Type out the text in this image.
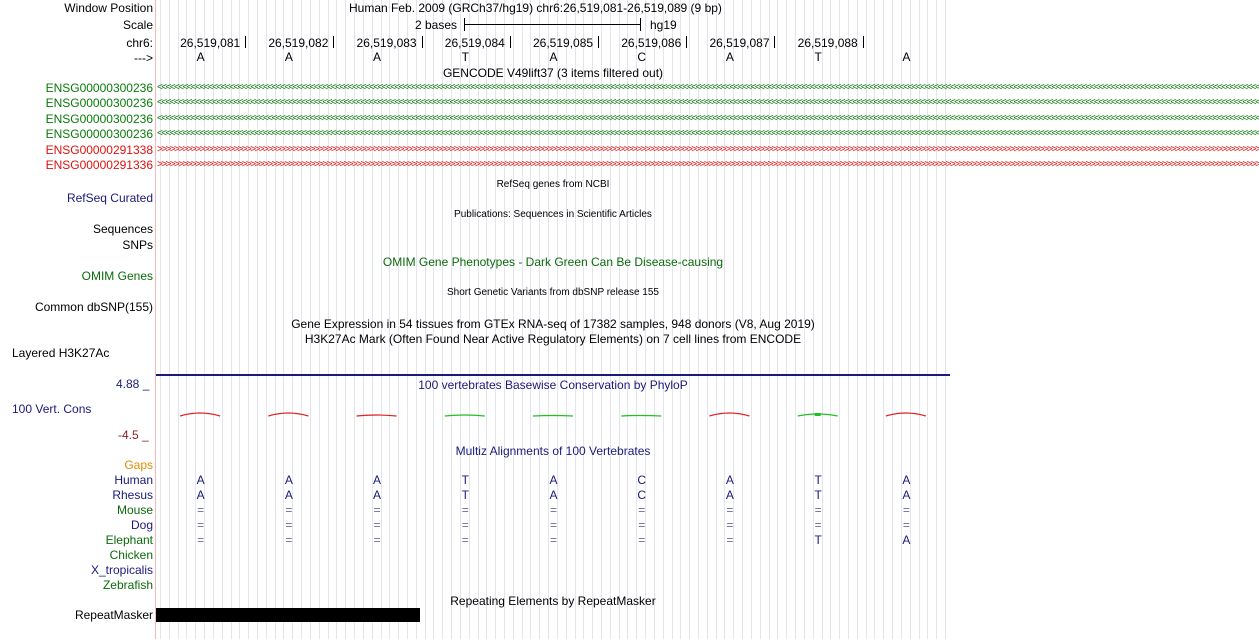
Window Position	Human Feb. 2009 (GRCh37/hg19) chr6:26,519,081-26,519,089 (9 bp)
Scale	2 bases	hg19
chr6: 26,519,081 26,519,082 26,519,083 26,519,084 26,519,085 26,519,086 26,519,087 26,519,088
--->	A	A	A	T	A	C	A	T	A
GENCODE V49lift37 (3 items filtered out)
ENSG00000300236 <<<<<<<<<<<<<<<<<<<<<<<<<<<<<<<<<<<<<<<<<<<<<<<<<<<<<<<<<<<<<<<<<<<<<<<<<<<<<<<<<<<<<<<<<<<<<<<<<<<<<<<<<<<<<<<<<<<<<<<<<<<<<<<<<<<<<<<<<<<<<<<<<<<<<<<<<<<<<<<<<<<<<<<<<<<<<<<<<<<<<<<<<<<<<<<<<<<<<<<<<<<<<<<<<<<<<<<<<<<<<<<<<<<<<<<<<<<<<<<<<<<<<<<<<<<<<<<<<<<<
ENSG00000300236 <<<<<<<<<<<<<<<<<<<<<<<<<<<<<<<<<<<<<<<<<<<<<<<<<<<<<<<<<<<<<<<<<<<<<<<<<<<<<<<<<<<<<<<<<<<<<<<<<<<<<<<<<<<<<<<<<<<<<<<<<<<<<<<<<<<<<<<<<<<<<<<<<<<<<<<<<<<<<<<<<<<<<<<<<<<<<<<<<<<<<<<<<<<<<<<<<<<<<<<<<<<<<<<<<<<<<<<<<<<<<<<<<<<<<<<<<<<<<<<<<<<<<<<<<<<<<<<<<<<<
ENSG00000300236 <<<<<<<<<<<<<<<<<<<<<<<<<<<<<<<<<<<<<<<<<<<<<<<<<<<<<<<<<<<<<<<<<<<<<<<<<<<<<<<<<<<<<<<<<<<<<<<<<<<<<<<<<<<<<<<<<<<<<<<<<<<<<<<<<<<<<<<<<<<<<<<<<<<<<<<<<<<<<<<<<<<<<<<<<<<<<<<<<<<<<<<<<<<<<<<<<<<<<<<<<<<<<<<<<<<<<<<<<<<<<<<<<<<<<<<<<<<<<<<<<<<<<<<<<<<<<<<<<<<<
ENSG00000300236 <<<<<<<<<<<<<<<<<<<<<<<<<<<<<<<<<<<<<<<<<<<<<<<<<<<<<<<<<<<<<<<<<<<<<<<<<<<<<<<<<<<<<<<<<<<<<<<<<<<<<<<<<<<<<<<<<<<<<<<<<<<<<<<<<<<<<<<<<<<<<<<<<<<<<<<<<<<<<<<<<<<<<<<<<<<<<<<<<<<<<<<<<<<<<<<<<<<<<<<<<<<<<<<<<<<<<<<<<<<<<<<<<<<<<<<<<<<<<<<<<<<<<<<<<<<<<<<<<<<<
ENSG00000291338 >>>>>>>>>>>>>>>>>>>>>>>>>>>>>>>>>>>>>>>>>>>>>>>>>>>>>>>>>>>>>>>>>>>>>>>>>>>>>>>>>>>>>>>>>>>>>>>>>>>>>>>>>>>>>>>>>>>>>>>>>>>>>>>>>>>>>>>>>>>>>>>>>>>>>>>>>>>>>>>>>>>>>>>>>>>>>>>>>>>>>>>>>>>>>>>>>>>>>>>>>>>>>>>>>>>>>>>>>>>>>>>>>>>>>>>>>>>>>>>>>>>>>>>>>>>>>>>>>>>>
ENSG00000291336 >>>>>>>>>>>>>>>>>>>>>>>>>>>>>>>>>>>>>>>>>>>>>>>>>>>>>>>>>>>>>>>>>>>>>>>>>>>>>>>>>>>>>>>>>>>>>>>>>>>>>>>>>>>>>>>>>>>>>>>>>>>>>>>>>>>>>>>>>>>>>>>>>>>>>>>>>>>>>>>>>>>>>>>>>>>>>>>>>>>>>>>>>>>>>>>>>>>>>>>>>>>>>>>>>>>>>>>>>>>>>>>>>>>>>>>>>>>>>>>>>>>>>>>>>>>>>>>>>>>>
RefSeq genes from NCBI
RefSeq Curated
Publications: Sequences in Scientific Articles
Sequences
SNPs
OMIM Gene Phenotypes - Dark Green Can Be Disease-causing
OMIM Genes
Short Genetic Variants from dbSNP release 155
Common dbSNP(155)
Gene Expression in 54 tissues from GTEx RNA-seq of 17382 samples, 948 donors (V8, Aug 2019)
H3K27Ac Mark (Often Found Near Active Regulatory Elements) on 7 cell lines from ENCODE
Layered H3K27Ac
100 vertebrates Basewise Conservation by PhyloP
4.88 _
100 Vert. Cons
-4.5 _
Multiz Alignments of 100 Vertebrates
Gaps
Human	A	A	A	T	A	C	A	T	A
Rhesus	A	A	A	T	A	C	A	T	A
Mouse	=	=	=	=	=	=	=	=	=
Dog	=	=	=	=	=	=	=	=	=
Elephant	=	=	=	=	=	=	=	T	A
Chicken
X_tropicalis
Zebrafish
Repeating Elements by RepeatMasker
RepeatMasker
